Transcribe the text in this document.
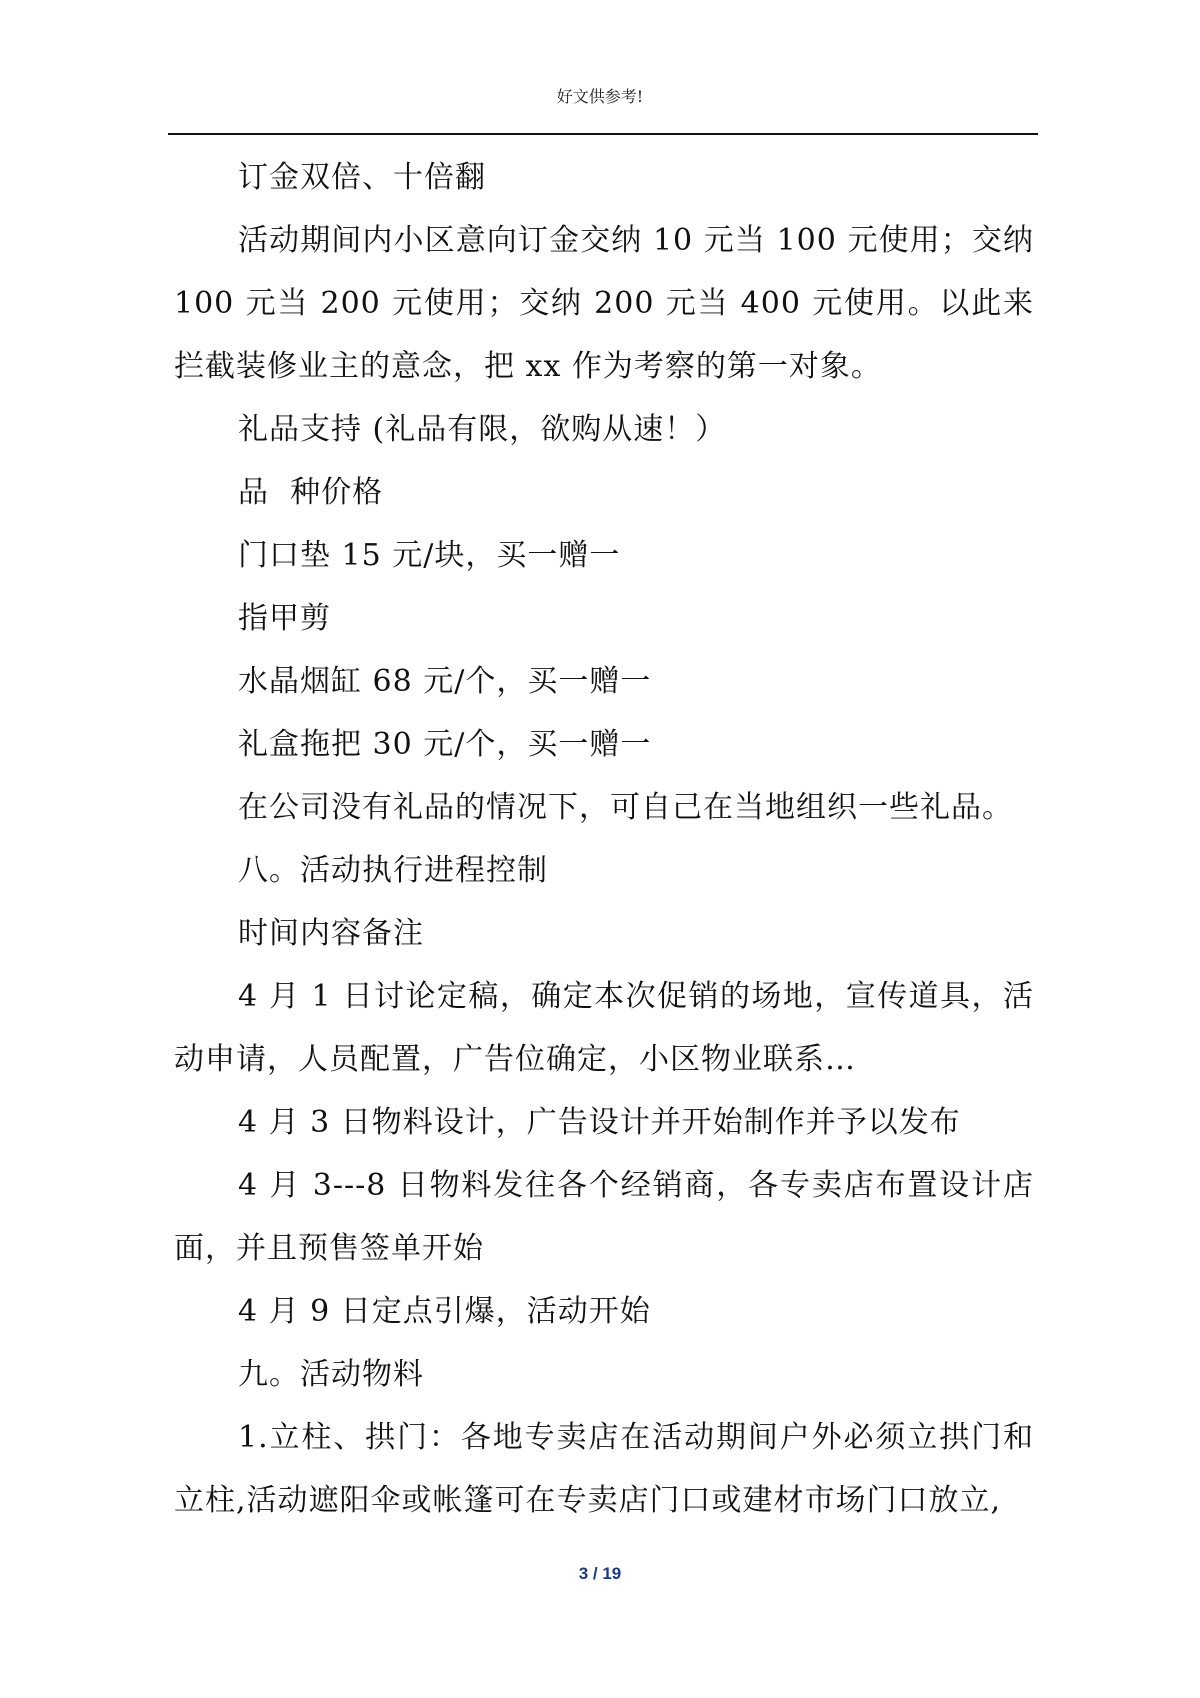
好文供参考!

订金双倍、十倍翻

活动期间内小区意向订金交纳 10 元当 100 元使用；交纳 100 元当 200 元使用；交纳 200 元当 400 元使用。以此来拦截装修业主的意念，把 xx 作为考察的第一对象。

礼品支持 (礼品有限，欲购从速！）

品  种价格

门口垫 15 元/块，买一赠一

指甲剪

水晶烟缸 68 元/个，买一赠一

礼盒拖把 30 元/个，买一赠一

在公司没有礼品的情况下，可自己在当地组织一些礼品。

八。活动执行进程控制

时间内容备注

4 月 1 日讨论定稿，确定本次促销的场地，宣传道具，活动申请，人员配置，广告位确定，小区物业联系…

4 月 3 日物料设计，广告设计并开始制作并予以发布

4 月 3---8 日物料发往各个经销商，各专卖店布置设计店面，并且预售签单开始

4 月 9 日定点引爆，活动开始

九。活动物料

1.立柱、拱门：各地专卖店在活动期间户外必须立拱门和立柱,活动遮阳伞或帐篷可在专卖店门口或建材市场门口放立,

3 / 19
